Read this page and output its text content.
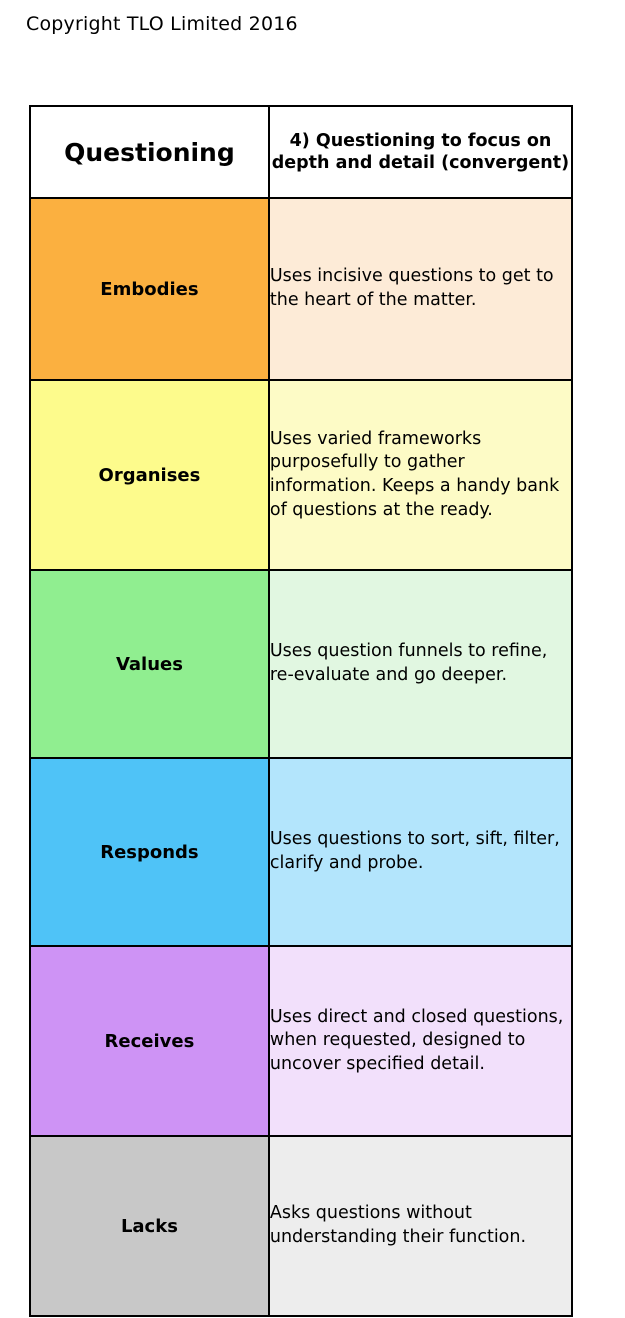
Copyright TLO Limited 2016
Questioning	4) Questioning to focus on depth and detail (convergent)
Embodies	Uses incisive questions to get to the heart of the matter.
Organises	Uses varied frameworks purposefully to gather information. Keeps a handy bank of questions at the ready.
Values	Uses question funnels to refine, re-evaluate and go deeper.
Responds	Uses questions to sort, sift, filter, clarify and probe.
Receives	Uses direct and closed questions, when requested, designed to uncover specified detail.
Lacks	Asks questions without understanding their function.
